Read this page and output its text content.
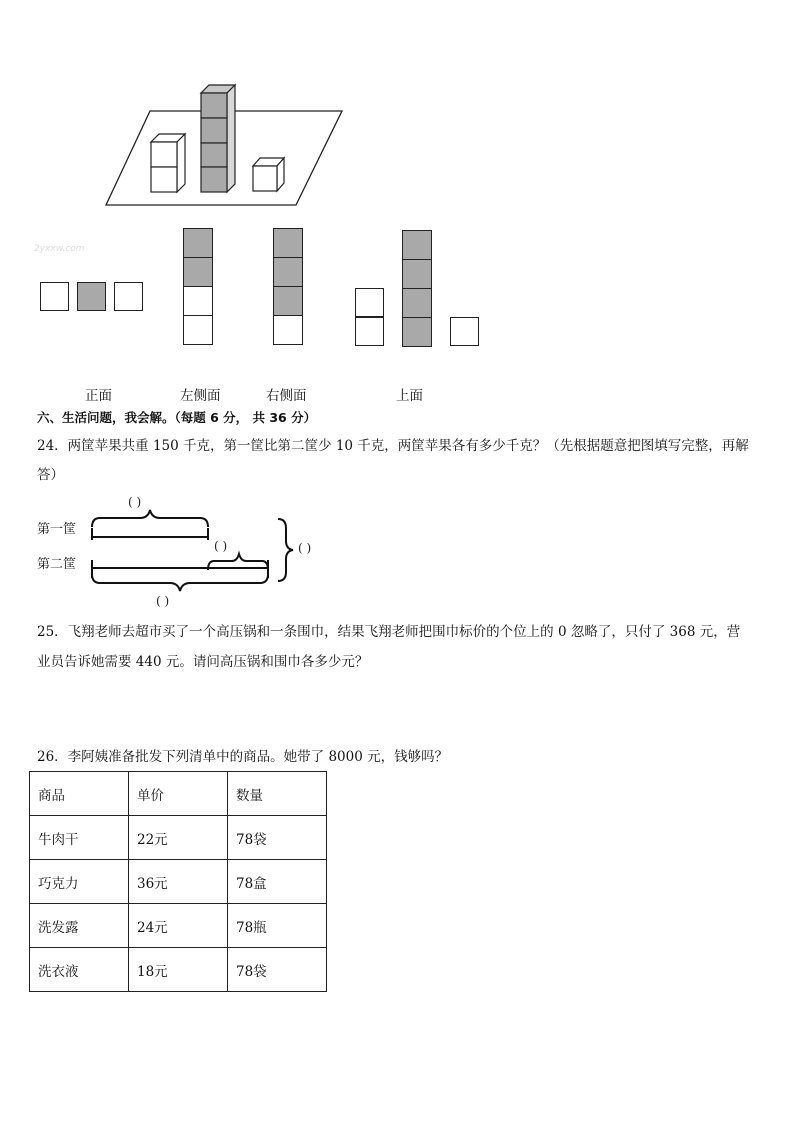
2yxxw.com
正面	左侧面	右侧面	上面
六、生活问题，我会解。（每题 6 分， 共 36 分）
24．两筐苹果共重 150 千克，第一筐比第二筐少 10 千克，两筐苹果各有多少千克？（先根据题意把图填写完整，再解
答）
第一筐
第二筐
( )
( )	( )
( )
25．飞翔老师去超市买了一个高压锅和一条围巾，结果飞翔老师把围巾标价的个位上的 0 忽略了，只付了 368 元，营
业员告诉她需要 440 元。请问高压锅和围巾各多少元？
26．李阿姨准备批发下列清单中的商品。她带了 8000 元，钱够吗？
商品	单价	数量
牛肉干	22元	78袋
巧克力	36元	78盒
洗发露	24元	78瓶
洗衣液	18元	78袋
